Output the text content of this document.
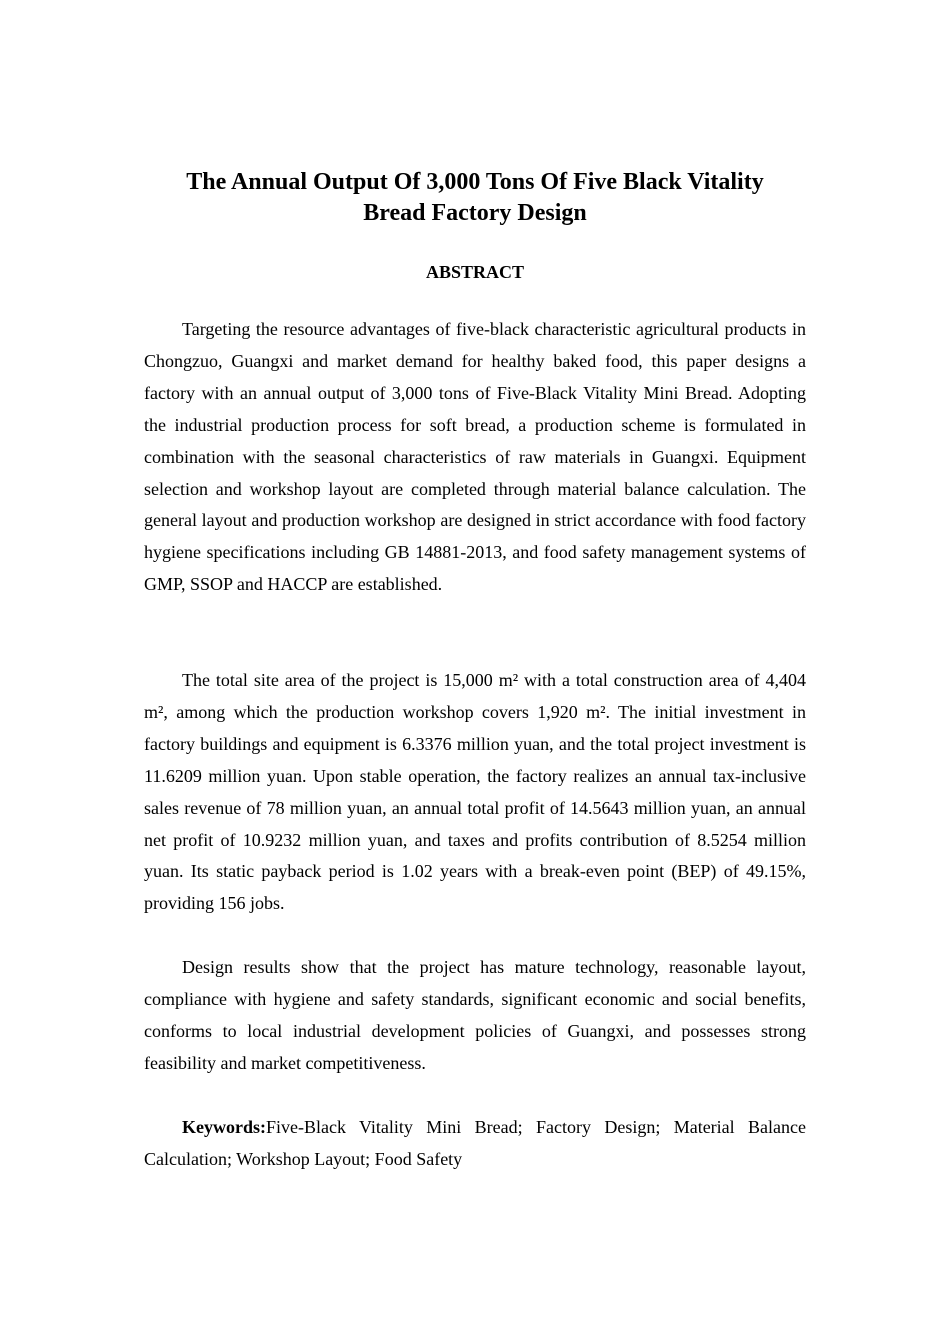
The Annual Output Of 3,000 Tons Of Five Black Vitality
Bread Factory Design
ABSTRACT

Targeting the resource advantages of five-black characteristic agricultural products in Chongzuo, Guangxi and market demand for healthy baked food, this paper designs a factory with an annual output of 3,000 tons of Five-Black Vitality Mini Bread. Adopting the industrial production process for soft bread, a production scheme is formulated in combination with the seasonal characteristics of raw materials in Guangxi. Equipment selection and workshop layout are completed through material balance calculation. The general layout and production workshop are designed in strict accordance with food factory hygiene specifications including GB 14881-2013, and food safety management systems of GMP, SSOP and HACCP are established.

The total site area of the project is 15,000 m² with a total construction area of 4,404 m², among which the production workshop covers 1,920 m². The initial investment in factory buildings and equipment is 6.3376 million yuan, and the total project investment is 11.6209 million yuan. Upon stable operation, the factory realizes an annual tax-inclusive sales revenue of 78 million yuan, an annual total profit of 14.5643 million yuan, an annual net profit of 10.9232 million yuan, and taxes and profits contribution of 8.5254 million yuan. Its static payback period is 1.02 years with a break-even point (BEP) of 49.15%, providing 156 jobs.

Design results show that the project has mature technology, reasonable layout, compliance with hygiene and safety standards, significant economic and social benefits, conforms to local industrial development policies of Guangxi, and possesses strong feasibility and market competitiveness.

Keywords:Five-Black Vitality Mini Bread; Factory Design; Material Balance Calculation; Workshop Layout; Food Safety
